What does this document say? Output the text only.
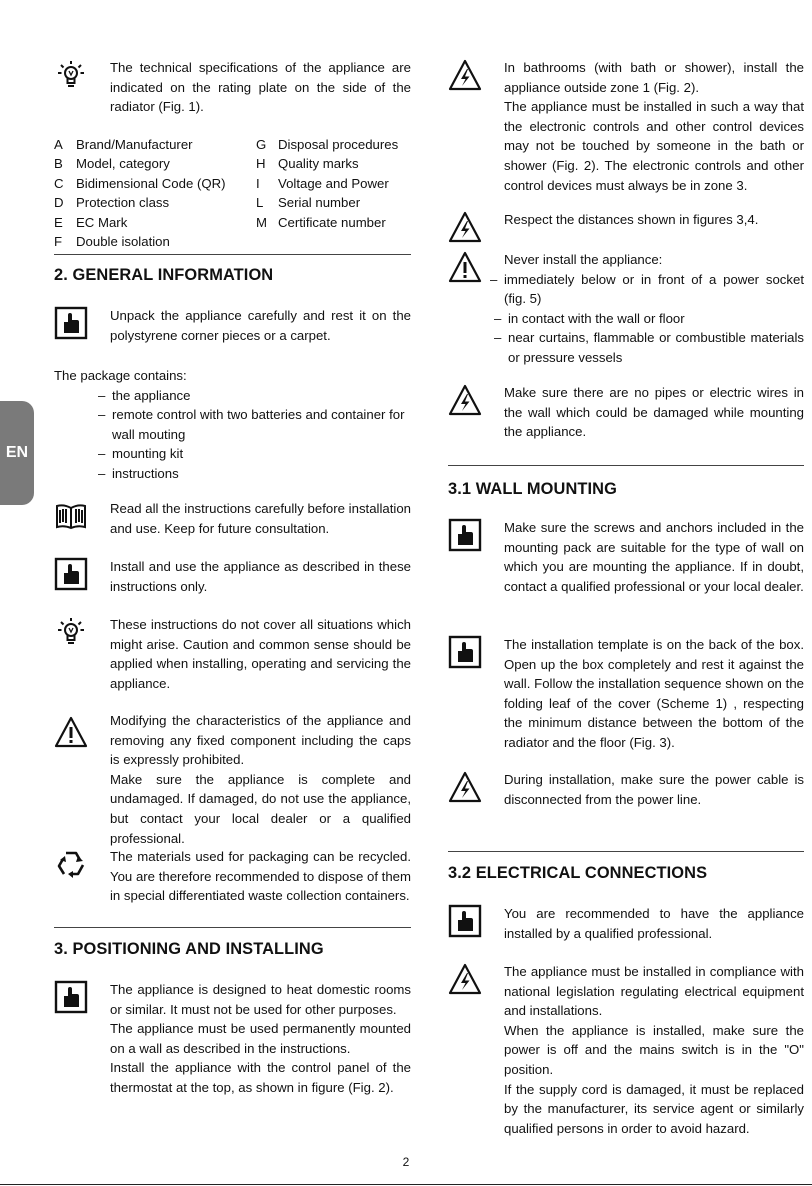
EN

The technical specifications of the appliance are indicated on the rating plate on the side of the radiator (Fig. 1).

A Brand/Manufacturer	G Disposal procedures
B Model, category	H Quality marks
C Bidimensional Code (QR) I Voltage and Power
D Protection class	L Serial number
E EC Mark	M Certificate number
F Double isolation
2. GENERAL INFORMATION

Unpack the appliance carefully and rest it on the polystyrene corner pieces or a carpet.

The package contains:
– the appliance
– remote control with two batteries and container for wall mouting
– mounting kit
– instructions

Read all the instructions carefully before installation and use. Keep for future consultation.

Install and use the appliance as described in these instructions only.

These instructions do not cover all situations which might arise. Caution and common sense should be applied when installing, operating and servicing the appliance.

Modifying the characteristics of the appliance and removing any fixed component including the caps is expressly prohibited.

Make sure the appliance is complete and undamaged. If damaged, do not use the appliance, but contact your local dealer or a qualified professional.

The materials used for packaging can be recycled. You are therefore recommended to dispose of them in special differentiated waste collection containers.

3. POSITIONING AND INSTALLING

The appliance is designed to heat domestic rooms or similar. It must not be used for other purposes.

The appliance must be used permanently mounted on a wall as described in the instructions.

Install the appliance with the control panel of the thermostat at the top, as shown in figure (Fig. 2).

In bathrooms (with bath or shower), install the appliance outside zone 1 (Fig. 2).

The appliance must be installed in such a way that the electronic controls and other control devices may not be touched by someone in the bath or shower (Fig. 2). The electronic controls and other control devices must always be in zone 3.

Respect the distances shown in figures 3,4.

Never install the appliance:

– immediately below or in front of a power socket (fig. 5)
– in contact with the wall or floor
– near curtains, flammable or combustible materials or pressure vessels

Make sure there are no pipes or electric wires in the wall which could be damaged while mounting the appliance.

3.1 WALL MOUNTING

Make sure the screws and anchors included in the mounting pack are suitable for the type of wall on which you are mounting the appliance. If in doubt, contact a qualified professional or your local dealer.

The installation template is on the back of the box. Open up the box completely and rest it against the wall. Follow the installation sequence shown on the folding leaf of the cover (Scheme 1) , respecting the minimum distance between the bottom of the radiator and the floor (Fig. 3).

During installation, make sure the power cable is disconnected from the power line.

3.2 ELECTRICAL CONNECTIONS

You are recommended to have the appliance installed by a qualified professional.

The appliance must be installed in compliance with national legislation regulating electrical equipment and installations.

When the appliance is installed, make sure the power is off and the mains switch is in the "O" position.

If the supply cord is damaged, it must be replaced by the manufacturer, its service agent or similarly qualified persons in order to avoid hazard.

2
